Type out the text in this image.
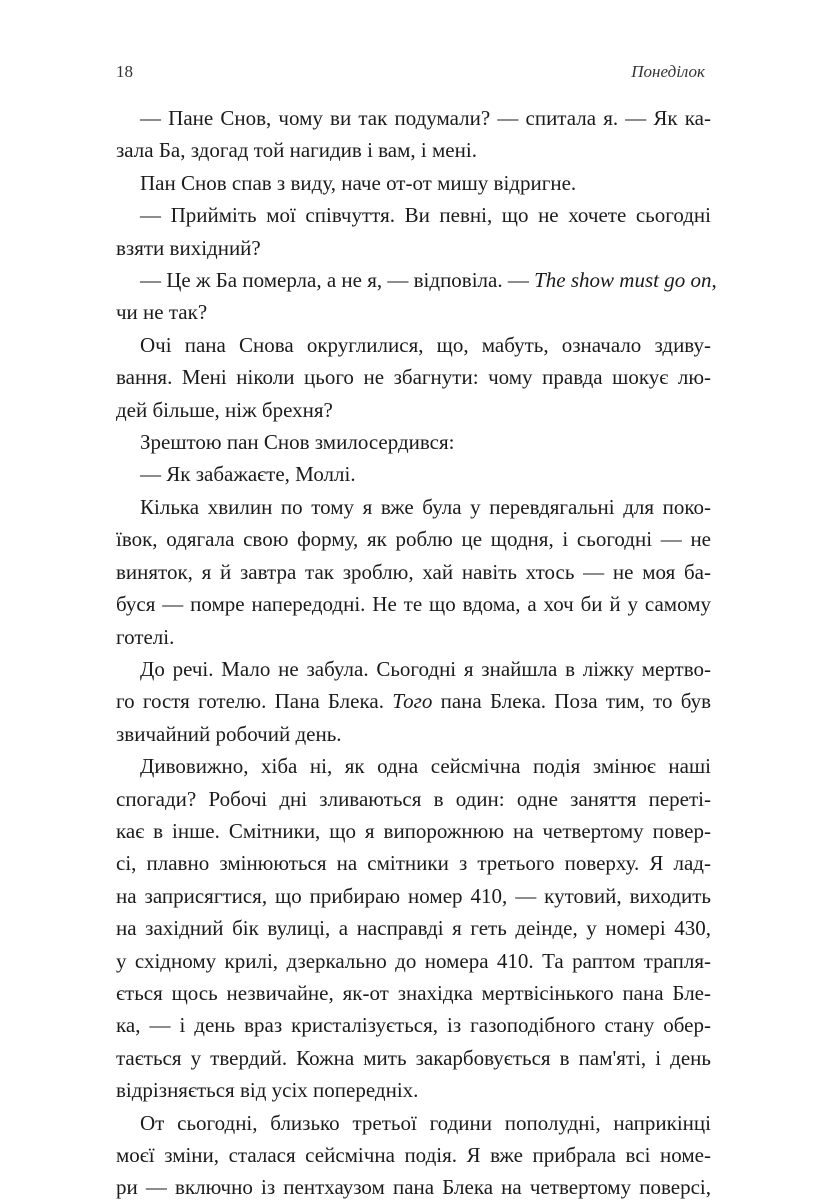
18	Понеділок
— Пане Снов, чому ви так подумали? — спитала я. — Як ка-
зала Ба, здогад той нагидив і вам, і мені.
Пан Снов спав з виду, наче от-от мишу відригне.
— Прийміть мої співчуття. Ви певні, що не хочете сьогодні
взяти вихідний?
— Це ж Ба померла, а не я, — відповіла. — The show must go on,
чи не так?
Очі пана Снова округлилися, що, мабуть, означало здиву-
вання. Мені ніколи цього не збагнути: чому правда шокує лю-
дей більше, ніж брехня?
Зрештою пан Снов змилосердився:
— Як забажаєте, Моллі.
Кілька хвилин по тому я вже була у перевдягальні для поко-
ївок, одягала свою форму, як роблю це щодня, і сьогодні — не
виняток, я й завтра так зроблю, хай навіть хтось — не моя ба-
буся — помре напередодні. Не те що вдома, а хоч би й у самому
готелі.
До речі. Мало не забула. Сьогодні я знайшла в ліжку мертво-
го гостя готелю. Пана Блека. Того пана Блека. Поза тим, то був
звичайний робочий день.
Дивовижно, хіба ні, як одна сейсмічна подія змінює наші
спогади? Робочі дні зливаються в один: одне заняття переті-
кає в інше. Смітники, що я випорожнюю на четвертому повер-
сі, плавно змінюються на смітники з третього поверху. Я лад-
на заприсягтися, що прибираю номер 410, — кутовий, виходить
на західний бік вулиці, а насправді я геть деінде, у номері 430,
у східному крилі, дзеркально до номера 410. Та раптом трапля-
ється щось незвичайне, як-от знахідка мертвісінького пана Бле-
ка, — і день враз кристалізується, із газоподібного стану обер-
тається у твердий. Кожна мить закарбовується в пам'яті, і день
відрізняється від усіх попередніх.
От сьогодні, близько третьої години пополудні, наприкінці
моєї зміни, сталася сейсмічна подія. Я вже прибрала всі номе-
ри — включно із пентхаузом пана Блека на четвертому поверсі,
